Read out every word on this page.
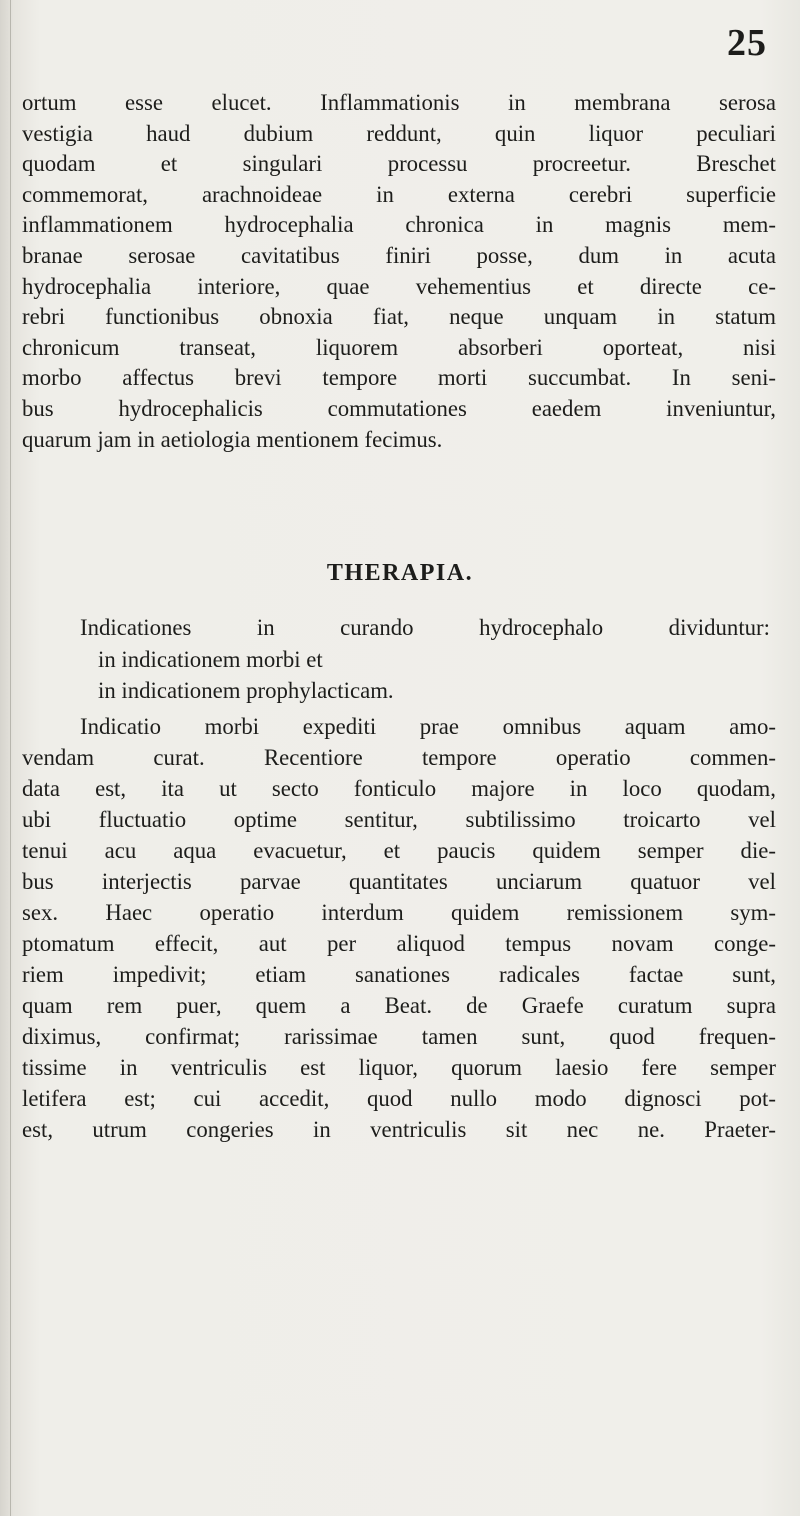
25
ortum esse elucet. Inflammationis in membrana serosa
vestigia haud dubium reddunt, quin liquor peculiari
quodam et singulari processu procreetur. Breschet
commemorat, arachnoideae in externa cerebri superficie
inflammationem hydrocephalia chronica in magnis mem-
branae serosae cavitatibus finiri posse, dum in acuta
hydrocephalia interiore, quae vehementius et directe ce-
rebri functionibus obnoxia fiat, neque unquam in statum
chronicum transeat, liquorem absorberi oporteat, nisi
morbo affectus brevi tempore morti succumbat. In seni-
bus hydrocephalicis commutationes eaedem inveniuntur,
quarum jam in aetiologia mentionem fecimus.
THERAPIA.
Indicationes in curando hydrocephalo dividuntur:
in indicationem morbi et
in indicationem prophylacticam.
Indicatio morbi expediti prae omnibus aquam amo-
vendam curat. Recentiore tempore operatio commen-
data est, ita ut secto fonticulo majore in loco quodam,
ubi fluctuatio optime sentitur, subtilissimo troicarto vel
tenui acu aqua evacuetur, et paucis quidem semper die-
bus interjectis parvae quantitates unciarum quatuor vel
sex. Haec operatio interdum quidem remissionem sym-
ptomatum effecit, aut per aliquod tempus novam conge-
riem impedivit; etiam sanationes radicales factae sunt,
quam rem puer, quem a Beat. de Graefe curatum supra
diximus, confirmat; rarissimae tamen sunt, quod frequen-
tissime in ventriculis est liquor, quorum laesio fere semper
letifera est; cui accedit, quod nullo modo dignosci pot-
est, utrum congeries in ventriculis sit nec ne. Praeter-
